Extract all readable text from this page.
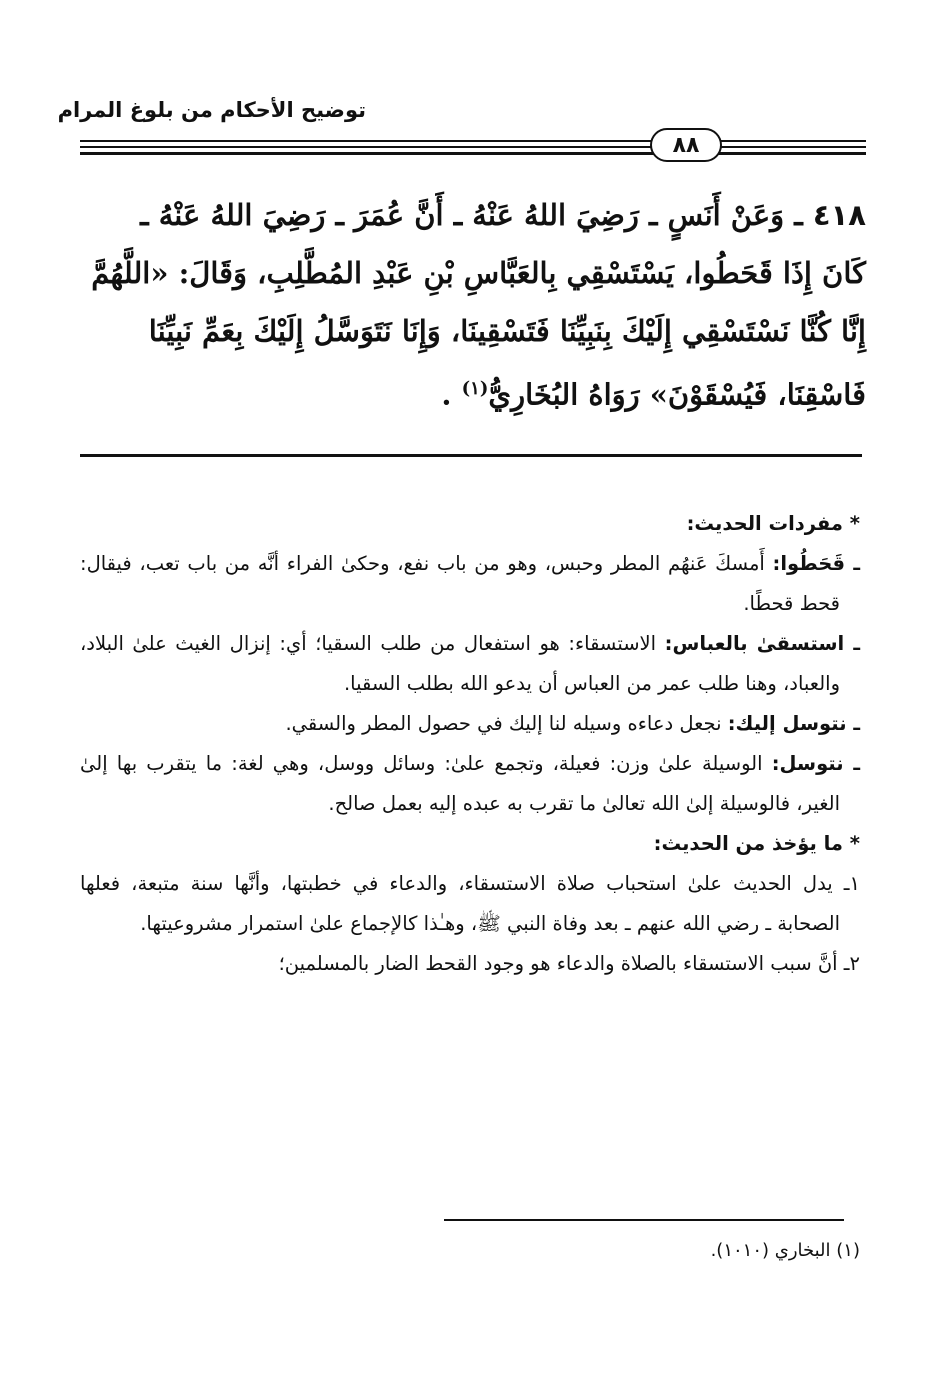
توضيح الأحكام من بلوغ المرام
٨٨
٤١٨ ـ وَعَنْ أَنَسٍ ـ رَضِيَ اللهُ عَنْهُ ـ أَنَّ عُمَرَ ـ رَضِيَ اللهُ عَنْهُ ـ
كَانَ إِذَا قَحَطُوا، يَسْتَسْقِي بِالعَبَّاسِ بْنِ عَبْدِ المُطَّلِبِ، وَقَالَ: «اللَّهُمَّ
إِنَّا كُنَّا نَسْتَسْقِي إِلَيْكَ بِنَبِيِّنَا فَتَسْقِينَا، وَإِنَا نَتَوَسَّلُ إِلَيْكَ بِعَمِّ نَبِيِّنَا
فَاسْقِنَا، فَيُسْقَوْنَ» رَوَاهُ البُخَارِيُّ$^{(١)}$ .

* مفردات الحديث:

ـ قَحَطُوا: أَمسكَ عَنهُم المطر وحبس، وهو من باب نفع، وحكىٰ الفراء أنَّه من باب تعب، فيقال: قحط قحطًا.

ـ استسقىٰ بالعباس: الاستسقاء: هو استفعال من طلب السقيا؛ أي: إنزال الغيث علىٰ البلاد، والعباد، وهنا طلب عمر من العباس أن يدعو الله بطلب السقيا.

ـ نتوسل إليك: نجعل دعاءه وسيله لنا إليك في حصول المطر والسقي.

ـ نتوسل: الوسيلة علىٰ وزن: فعيلة، وتجمع علىٰ: وسائل ووسل، وهي لغة: ما يتقرب بها إلىٰ الغير، فالوسيلة إلىٰ الله تعالىٰ ما تقرب به عبده إليه بعمل صالح.

* ما يؤخذ من الحديث:

١ـ يدل الحديث علىٰ استحباب صلاة الاستسقاء، والدعاء في خطبتها، وأنَّها سنة متبعة، فعلها الصحابة ـ رضي الله عنهم ـ بعد وفاة النبي ﷺ، وهـٰذا كالإجماع علىٰ استمرار مشروعيتها.

٢ـ أنَّ سبب الاستسقاء بالصلاة والدعاء هو وجود القحط الضار بالمسلمين؛

(١) البخاري (١٠١٠).
